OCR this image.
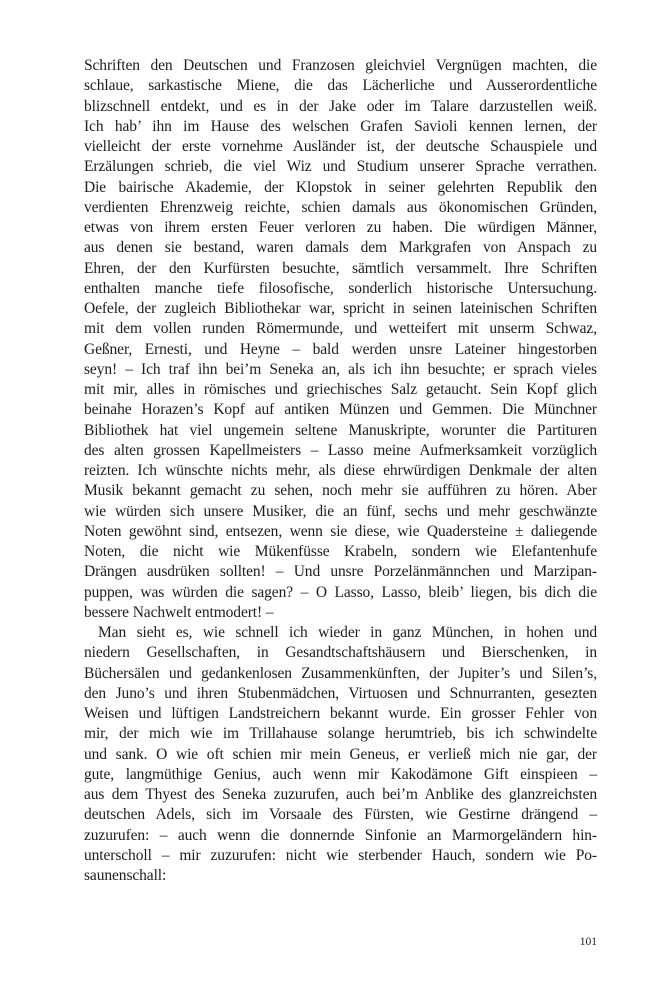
Schriften den Deutschen und Franzosen gleichviel Vergnügen machten, die
schlaue, sarkastische Miene, die das Lächerliche und Ausserordentliche
blizschnell entdekt, und es in der Jake oder im Talare darzustellen weiß.
Ich hab’ ihn im Hause des welschen Grafen Savioli kennen lernen, der
vielleicht der erste vornehme Ausländer ist, der deutsche Schauspiele und
Erzälungen schrieb, die viel Wiz und Studium unserer Sprache verrathen.
Die bairische Akademie, der Klopstok in seiner gelehrten Republik den
verdienten Ehrenzweig reichte, schien damals aus ökonomischen Gründen,
etwas von ihrem ersten Feuer verloren zu haben. Die würdigen Männer,
aus denen sie bestand, waren damals dem Markgrafen von Anspach zu
Ehren, der den Kurfürsten besuchte, sämtlich versammelt. Ihre Schriften
enthalten manche tiefe filosofische, sonderlich historische Untersuchung.
Oefele, der zugleich Bibliothekar war, spricht in seinen lateinischen Schriften
mit dem vollen runden Römermunde, und wetteifert mit unserm Schwaz,
Geßner, Ernesti, und Heyne – bald werden unsre Lateiner hingestorben
seyn! – Ich traf ihn bei’m Seneka an, als ich ihn besuchte; er sprach vieles
mit mir, alles in römisches und griechisches Salz getaucht. Sein Kopf glich
beinahe Horazen’s Kopf auf antiken Münzen und Gemmen. Die Münchner
Bibliothek hat viel ungemein seltene Manuskripte, worunter die Partituren
des alten grossen Kapellmeisters – Lasso meine Aufmerksamkeit vorzüglich
reizten. Ich wünschte nichts mehr, als diese ehrwürdigen Denkmale der alten
Musik bekannt gemacht zu sehen, noch mehr sie aufführen zu hören. Aber
wie würden sich unsere Musiker, die an fünf, sechs und mehr geschwänzte
Noten gewöhnt sind, entsezen, wenn sie diese, wie Quadersteine ± daliegende
Noten, die nicht wie Mükenfüsse Krabeln, sondern wie Elefantenhufe
Drängen ausdrüken sollten! – Und unsre Porzelänmännchen und Marzipan-
puppen, was würden die sagen? – O Lasso, Lasso, bleib’ liegen, bis dich die
bessere Nachwelt entmodert! –
Man sieht es, wie schnell ich wieder in ganz München, in hohen und
niedern Gesellschaften, in Gesandtschaftshäusern und Bierschenken, in
Büchersälen und gedankenlosen Zusammenkünften, der Jupiter’s und Silen’s,
den Juno’s und ihren Stubenmädchen, Virtuosen und Schnurranten, gesezten
Weisen und lüftigen Landstreichern bekannt wurde. Ein grosser Fehler von
mir, der mich wie im Trillahause solange herumtrieb, bis ich schwindelte
und sank. O wie oft schien mir mein Geneus, er verließ mich nie gar, der
gute, langmüthige Genius, auch wenn mir Kakodämone Gift einspieen –
aus dem Thyest des Seneka zuzurufen, auch bei’m Anblike des glanzreichsten
deutschen Adels, sich im Vorsaale des Fürsten, wie Gestirne drängend –
zuzurufen: – auch wenn die donnernde Sinfonie an Marmorgeländern hin-
unterscholl – mir zuzurufen: nicht wie sterbender Hauch, sondern wie Po-
saunenschall:
101
